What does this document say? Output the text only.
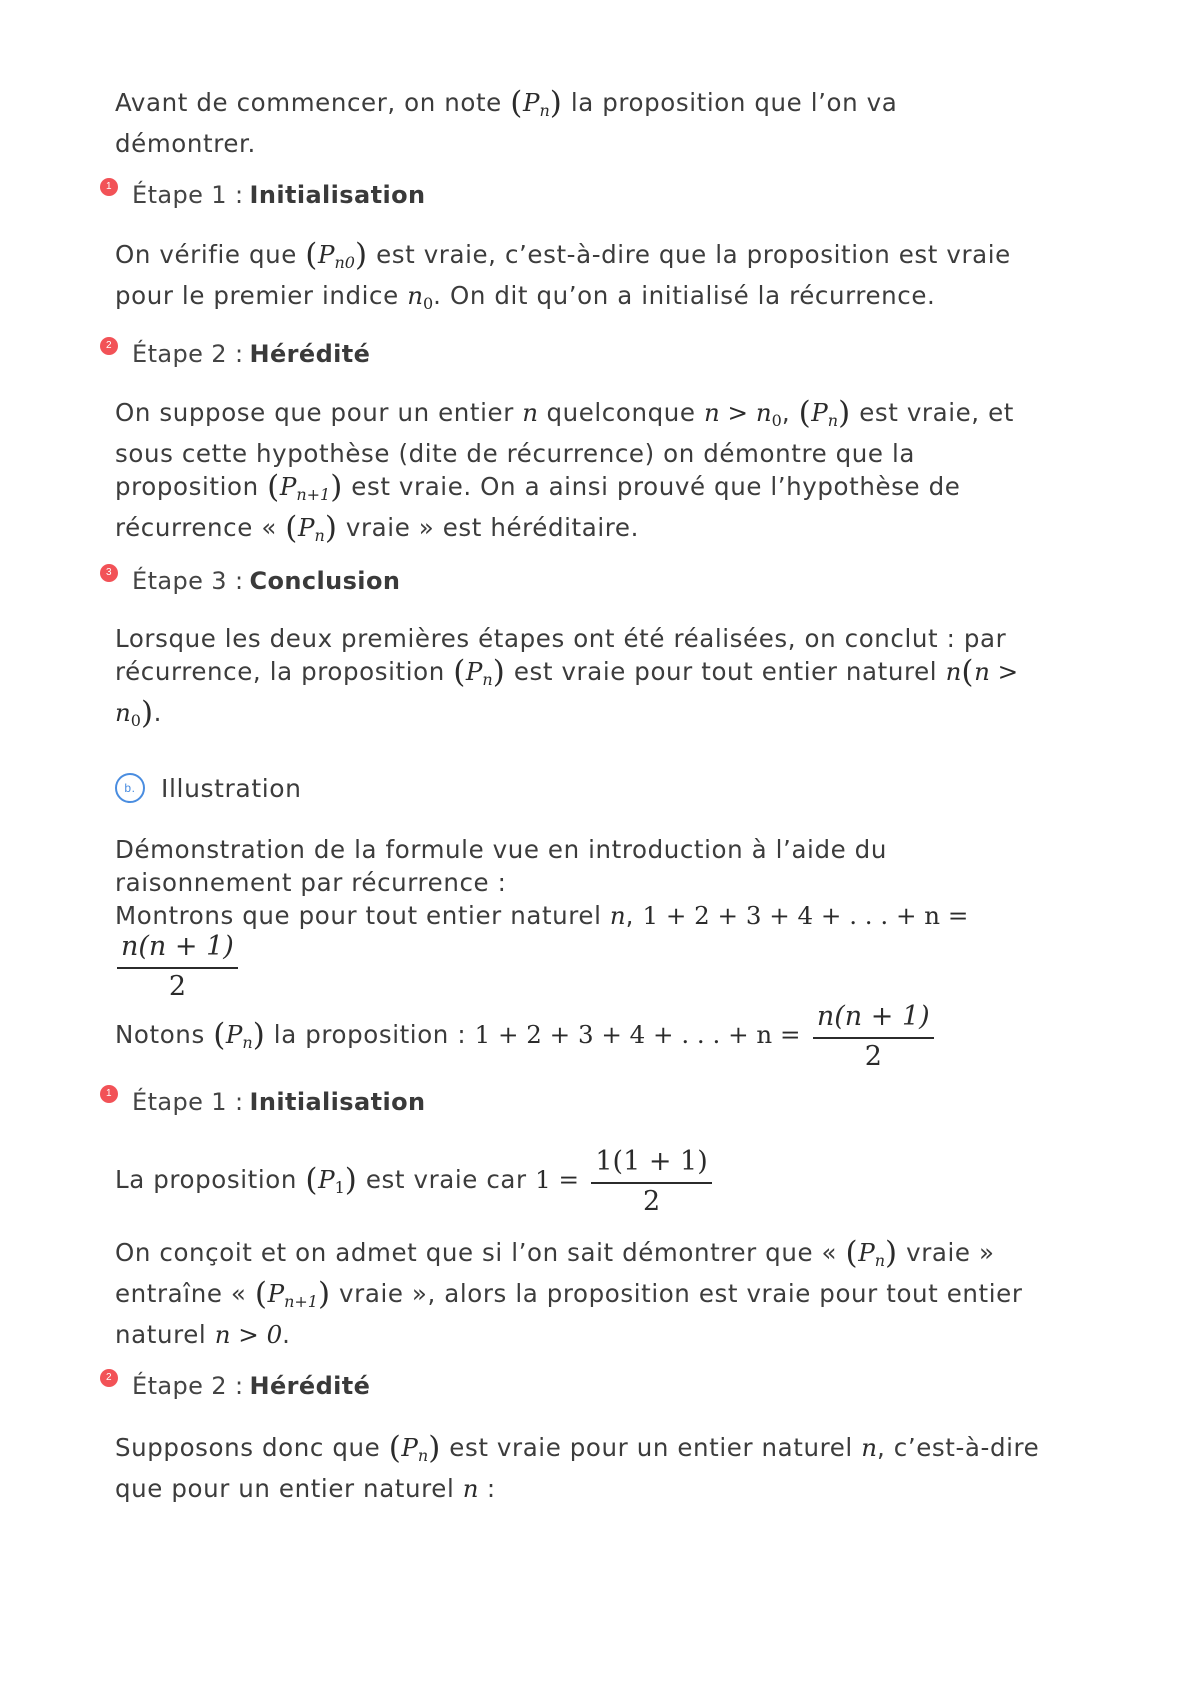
Avant de commencer, on note $(P_n)$ la proposition que l’on va
démontrer.
1 Étape 1 : Initialisation
On vérifie que $(P_{n0})$ est vraie, c’est-à-dire que la proposition est vraie
pour le premier indice $n_0$. On dit qu’on a initialisé la récurrence.
2 Étape 2 : Hérédité
On suppose que pour un entier n quelconque $n > n_0$, $(P_n)$ est vraie, et
sous cette hypothèse (dite de récurrence) on démontre que la
proposition $(P_{n+1})$ est vraie. On a ainsi prouvé que l’hypothèse de
récurrence « $(P_n)$ vraie » est héréditaire.
3 Étape 3 : Conclusion
Lorsque les deux premières étapes ont été réalisées, on conclut : par
récurrence, la proposition $(P_n)$ est vraie pour tout entier naturel n(n >
$n_0$).
b.	Illustration
Démonstration de la formule vue en introduction à l’aide du
raisonnement par récurrence :
Montrons que pour tout entier naturel n, 1 + 2 + 3 + 4 + . . . + n =
$\frac{n(n + 1)}{2}$
Notons $(P_n)$ la proposition : 1 + 2 + 3 + 4 + . . . + $n = \frac{n(n + 1)}{2}$
1 Étape 1 : Initialisation
La proposition $(P_1)$ est vraie car $1 = \frac{1(1 + 1)}{2}$
On conçoit et on admet que si l’on sait démontrer que « $(P_n)$ vraie »
entraîne « $(P_{n+1})$ vraie », alors la proposition est vraie pour tout entier
naturel n > 0.
2 Étape 2 : Hérédité
Supposons donc que $(P_n)$ est vraie pour un entier naturel n, c’est-à-dire
que pour un entier naturel n :
